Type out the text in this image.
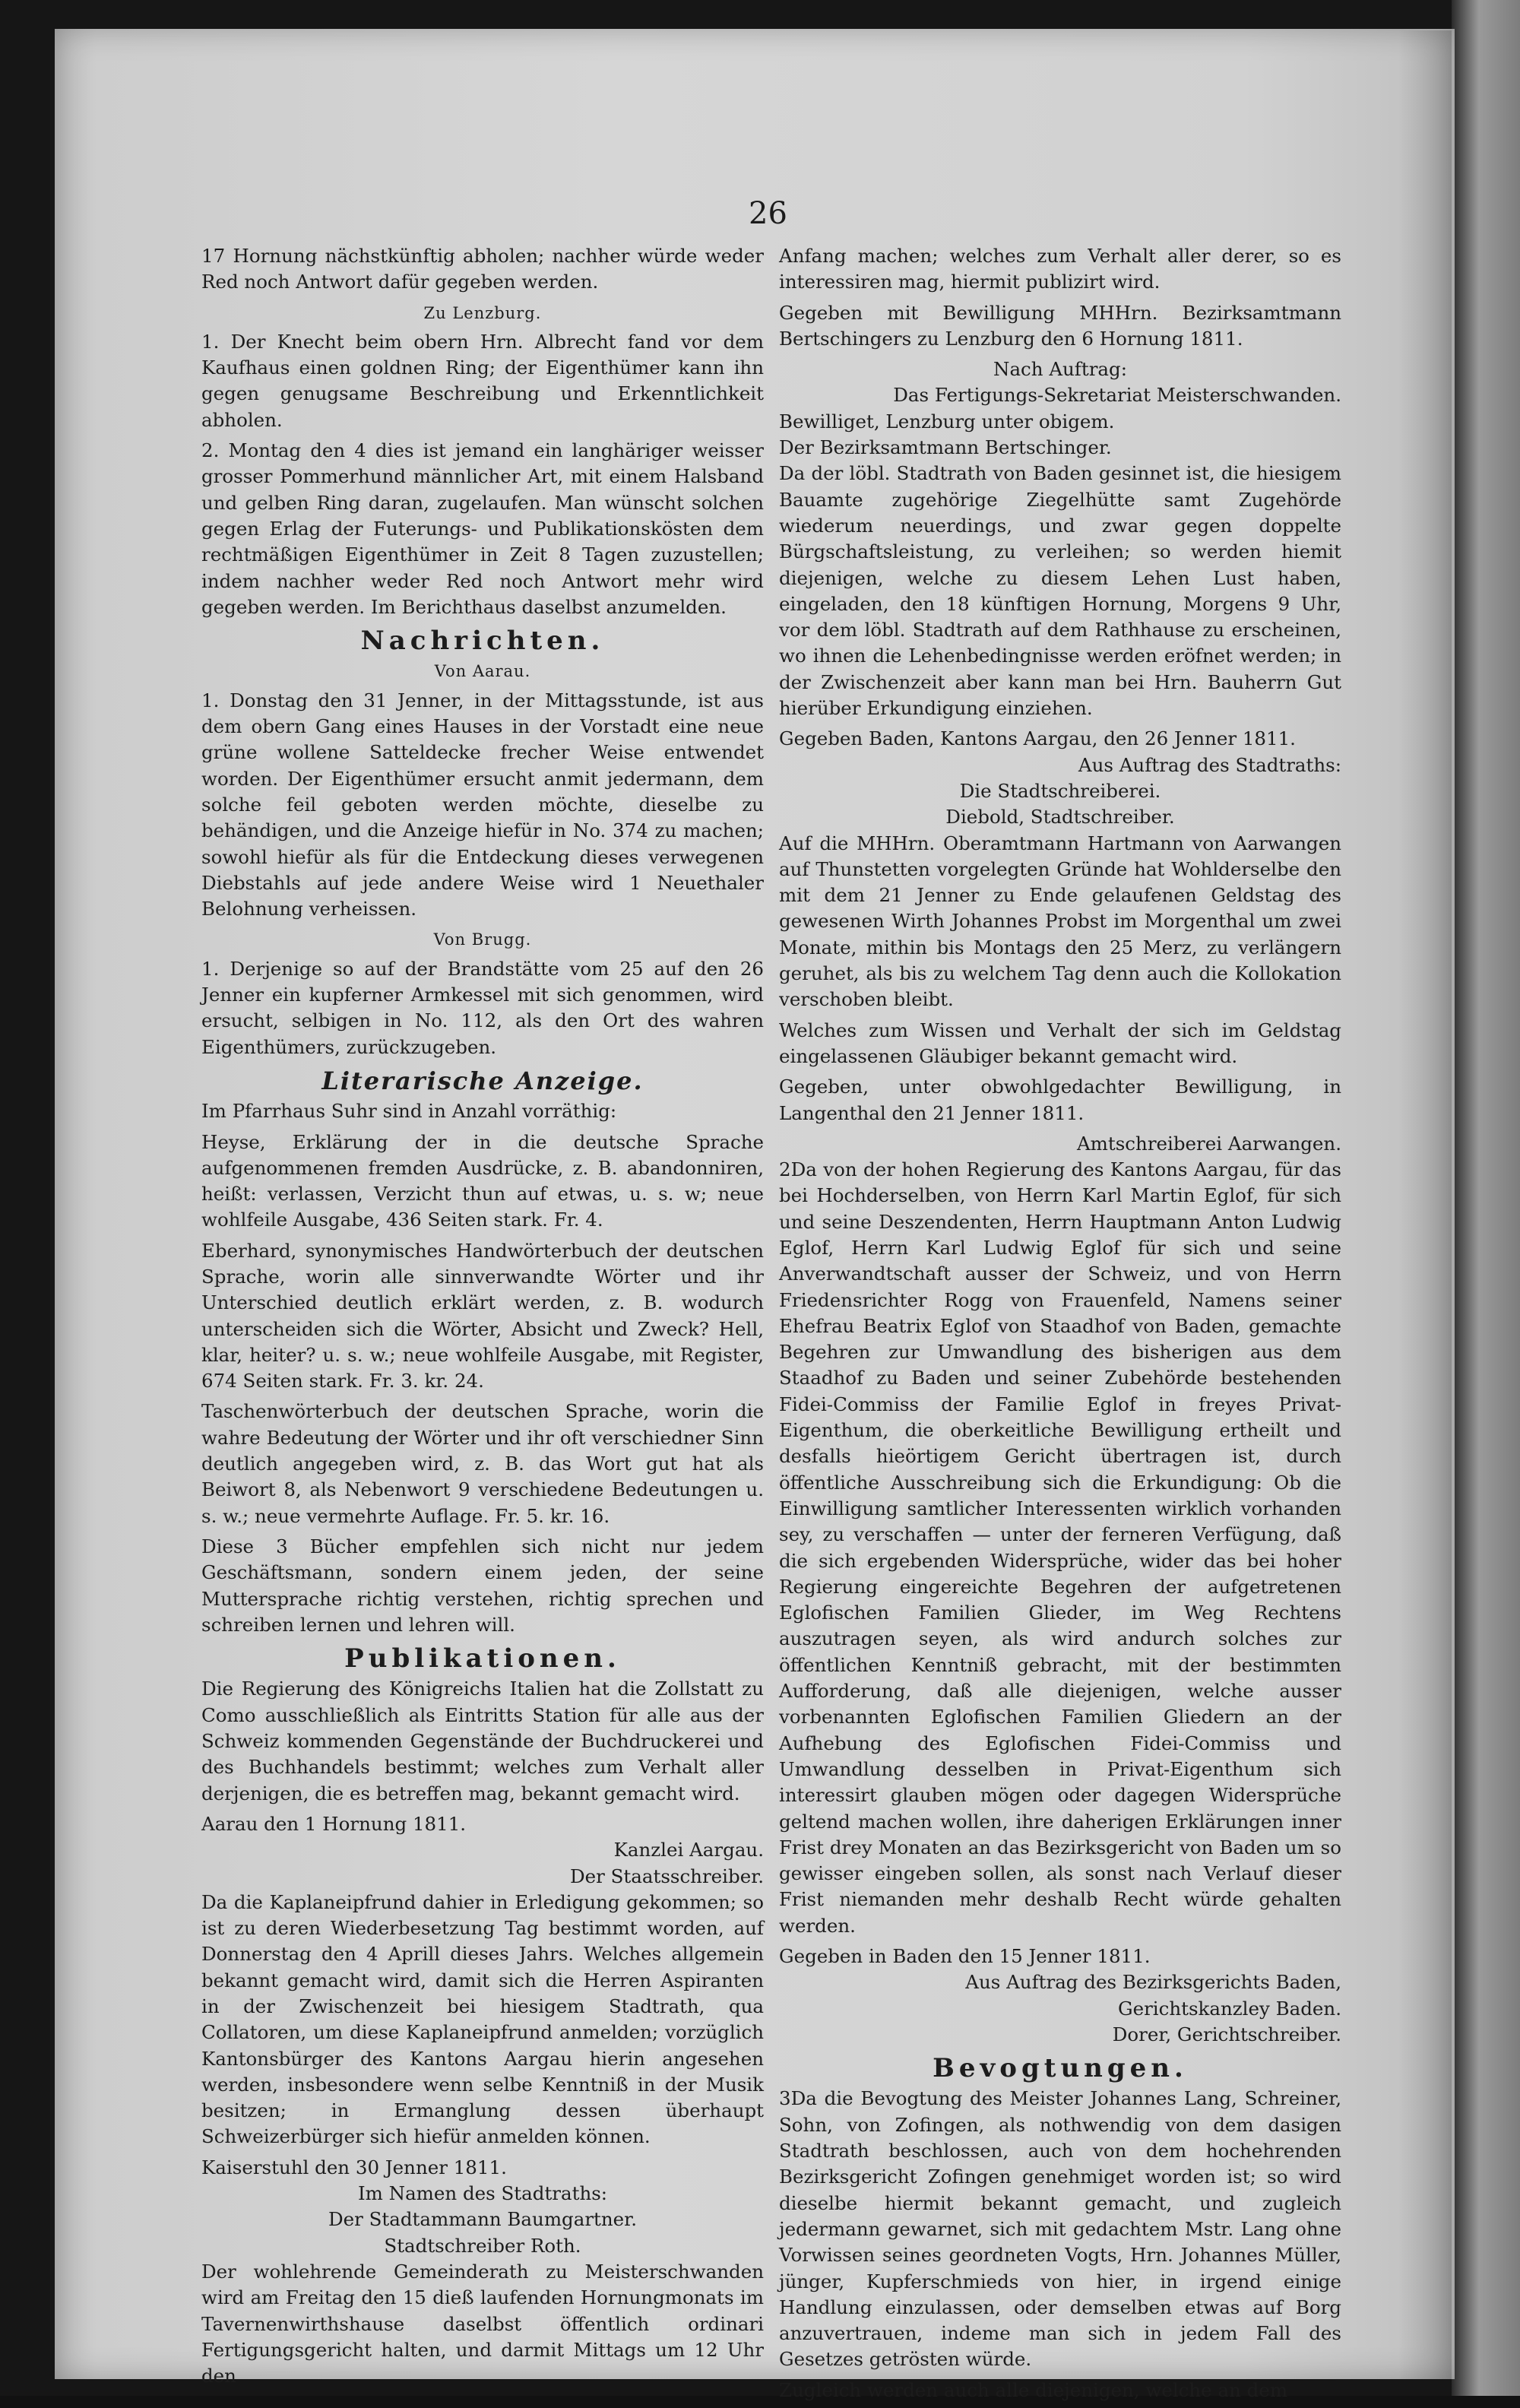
26

17 Hornung nächstkünftig abholen; nachher würde weder Red noch Antwort dafür gegeben werden.

Zu Lenzburg.

1. Der Knecht beim obern Hrn. Albrecht fand vor dem Kaufhaus einen goldnen Ring; der Eigenthümer kann ihn gegen genugsame Beschreibung und Erkenntlichkeit abholen.

2. Montag den 4 dies ist jemand ein langhäriger weisser grosser Pommerhund männlicher Art, mit einem Halsband und gelben Ring daran, zugelaufen. Man wünscht solchen gegen Erlag der Futerungs- und Publikationskösten dem rechtmäßigen Eigenthümer in Zeit 8 Tagen zuzustellen; indem nachher weder Red noch Antwort mehr wird gegeben werden. Im Berichthaus daselbst anzumelden.

Nachrichten.
Von Aarau.

1. Donstag den 31 Jenner, in der Mittagsstunde, ist aus dem obern Gang eines Hauses in der Vorstadt eine neue grüne wollene Satteldecke frecher Weise entwendet worden. Der Eigenthümer ersucht anmit jedermann, dem solche feil geboten werden möchte, dieselbe zu behändigen, und die Anzeige hiefür in No. 374 zu machen; sowohl hiefür als für die Entdeckung dieses verwegenen Diebstahls auf jede andere Weise wird 1 Neuethaler Belohnung verheissen.

Von Brugg.

1. Derjenige so auf der Brandstätte vom 25 auf den 26 Jenner ein kupferner Armkessel mit sich genommen, wird ersucht, selbigen in No. 112, als den Ort des wahren Eigenthümers, zurückzugeben.

Literarische Anzeige.

Im Pfarrhaus Suhr sind in Anzahl vorräthig:

Heyse, Erklärung der in die deutsche Sprache aufgenommenen fremden Ausdrücke, z. B. abandonniren, heißt: verlassen, Verzicht thun auf etwas, u. s. w; neue wohlfeile Ausgabe, 436 Seiten stark. Fr. 4.

Eberhard, synonymisches Handwörterbuch der deutschen Sprache, worin alle sinnverwandte Wörter und ihr Unterschied deutlich erklärt werden, z. B. wodurch unterscheiden sich die Wörter, Absicht und Zweck? Hell, klar, heiter? u. s. w.; neue wohlfeile Ausgabe, mit Register, 674 Seiten stark. Fr. 3. kr. 24.

Taschenwörterbuch der deutschen Sprache, worin die wahre Bedeutung der Wörter und ihr oft verschiedner Sinn deutlich angegeben wird, z. B. das Wort gut hat als Beiwort 8, als Nebenwort 9 verschiedene Bedeutungen u. s. w.; neue vermehrte Auflage. Fr. 5. kr. 16.

Diese 3 Bücher empfehlen sich nicht nur jedem Geschäftsmann, sondern einem jeden, der seine Muttersprache richtig verstehen, richtig sprechen und schreiben lernen und lehren will.

Publikationen.

Die Regierung des Königreichs Italien hat die Zollstatt zu Como ausschließlich als Eintritts Station für alle aus der Schweiz kommenden Gegenstände der Buchdruckerei und des Buchhandels bestimmt; welches zum Verhalt aller derjenigen, die es betreffen mag, bekannt gemacht wird.

Aarau den 1 Hornung 1811.

Kanzlei Aargau.

Der Staatsschreiber.

Da die Kaplaneipfrund dahier in Erledigung gekommen; so ist zu deren Wiederbesetzung Tag bestimmt worden, auf Donnerstag den 4 Aprill dieses Jahrs. Welches allgemein bekannt gemacht wird, damit sich die Herren Aspiranten in der Zwischenzeit bei hiesigem Stadtrath, qua Collatoren, um diese Kaplaneipfrund anmelden; vorzüglich Kantonsbürger des Kantons Aargau hierin angesehen werden, insbesondere wenn selbe Kenntniß in der Musik besitzen; in Ermanglung dessen überhaupt Schweizerbürger sich hiefür anmelden können.

Kaiserstuhl den 30 Jenner 1811.

Im Namen des Stadtraths:

Der Stadtammann Baumgartner.

Stadtschreiber Roth.

Der wohlehrende Gemeinderath zu Meisterschwanden wird am Freitag den 15 dieß laufenden Hornungmonats im Tavernenwirthshause daselbst öffentlich ordinari Fertigungsgericht halten, und darmit Mittags um 12 Uhr den

Anfang machen; welches zum Verhalt aller derer, so es interessiren mag, hiermit publizirt wird.

Gegeben mit Bewilligung MHHrn. Bezirksamtmann Bertschingers zu Lenzburg den 6 Hornung 1811.

Nach Auftrag:

Das Fertigungs-Sekretariat Meisterschwanden.

Bewilliget, Lenzburg unter obigem.

Der Bezirksamtmann Bertschinger.

Da der löbl. Stadtrath von Baden gesinnet ist, die hiesigem Bauamte zugehörige Ziegelhütte samt Zugehörde wiederum neuerdings, und zwar gegen doppelte Bürgschaftsleistung, zu verleihen; so werden hiemit diejenigen, welche zu diesem Lehen Lust haben, eingeladen, den 18 künftigen Hornung, Morgens 9 Uhr, vor dem löbl. Stadtrath auf dem Rathhause zu erscheinen, wo ihnen die Lehenbedingnisse werden eröfnet werden; in der Zwischenzeit aber kann man bei Hrn. Bauherrn Gut hierüber Erkundigung einziehen.

Gegeben Baden, Kantons Aargau, den 26 Jenner 1811.

Aus Auftrag des Stadtraths:

Die Stadtschreiberei.

Diebold, Stadtschreiber.

Auf die MHHrn. Oberamtmann Hartmann von Aarwangen auf Thunstetten vorgelegten Gründe hat Wohlderselbe den mit dem 21 Jenner zu Ende gelaufenen Geldstag des gewesenen Wirth Johannes Probst im Morgenthal um zwei Monate, mithin bis Montags den 25 Merz, zu verlängern geruhet, als bis zu welchem Tag denn auch die Kollokation verschoben bleibt.

Welches zum Wissen und Verhalt der sich im Geldstag eingelassenen Gläubiger bekannt gemacht wird.

Gegeben, unter obwohlgedachter Bewilligung, in Langenthal den 21 Jenner 1811.

Amtschreiberei Aarwangen.

2Da von der hohen Regierung des Kantons Aargau, für das bei Hochderselben, von Herrn Karl Martin Eglof, für sich und seine Deszendenten, Herrn Hauptmann Anton Ludwig Eglof, Herrn Karl Ludwig Eglof für sich und seine Anverwandtschaft ausser der Schweiz, und von Herrn Friedensrichter Rogg von Frauenfeld, Namens seiner Ehefrau Beatrix Eglof von Staadhof von Baden, gemachte Begehren zur Umwandlung des bisherigen aus dem Staadhof zu Baden und seiner Zubehörde bestehenden Fidei-Commiss der Familie Eglof in freyes Privat-Eigenthum, die oberkeitliche Bewilligung ertheilt und desfalls hieörtigem Gericht übertragen ist, durch öffentliche Ausschreibung sich die Erkundigung: Ob die Einwilligung samtlicher Interessenten wirklich vorhanden sey, zu verschaffen — unter der ferneren Verfügung, daß die sich ergebenden Widersprüche, wider das bei hoher Regierung eingereichte Begehren der aufgetretenen Eglofischen Familien Glieder, im Weg Rechtens auszutragen seyen, als wird andurch solches zur öffentlichen Kenntniß gebracht, mit der bestimmten Aufforderung, daß alle diejenigen, welche ausser vorbenannten Eglofischen Familien Gliedern an der Aufhebung des Eglofischen Fidei-Commiss und Umwandlung desselben in Privat-Eigenthum sich interessirt glauben mögen oder dagegen Widersprüche geltend machen wollen, ihre daherigen Erklärungen inner Frist drey Monaten an das Bezirksgericht von Baden um so gewisser eingeben sollen, als sonst nach Verlauf dieser Frist niemanden mehr deshalb Recht würde gehalten werden.

Gegeben in Baden den 15 Jenner 1811.

Aus Auftrag des Bezirksgerichts Baden,

Gerichtskanzley Baden.

Dorer, Gerichtschreiber.

Bevogtungen.

3Da die Bevogtung des Meister Johannes Lang, Schreiner, Sohn, von Zofingen, als nothwendig von dem dasigen Stadtrath beschlossen, auch von dem hochehrenden Bezirksgericht Zofingen genehmiget worden ist; so wird dieselbe hiermit bekannt gemacht, und zugleich jedermann gewarnet, sich mit gedachtem Mstr. Lang ohne Vorwissen seines geordneten Vogts, Hrn. Johannes Müller, jünger, Kupferschmieds von hier, in irgend einige Handlung einzulassen, oder demselben etwas auf Borg anzuvertrauen, indeme man sich in jedem Fall des Gesetzes getrösten würde.

Zugleich werden auch alle diejenigen, welche an dem
